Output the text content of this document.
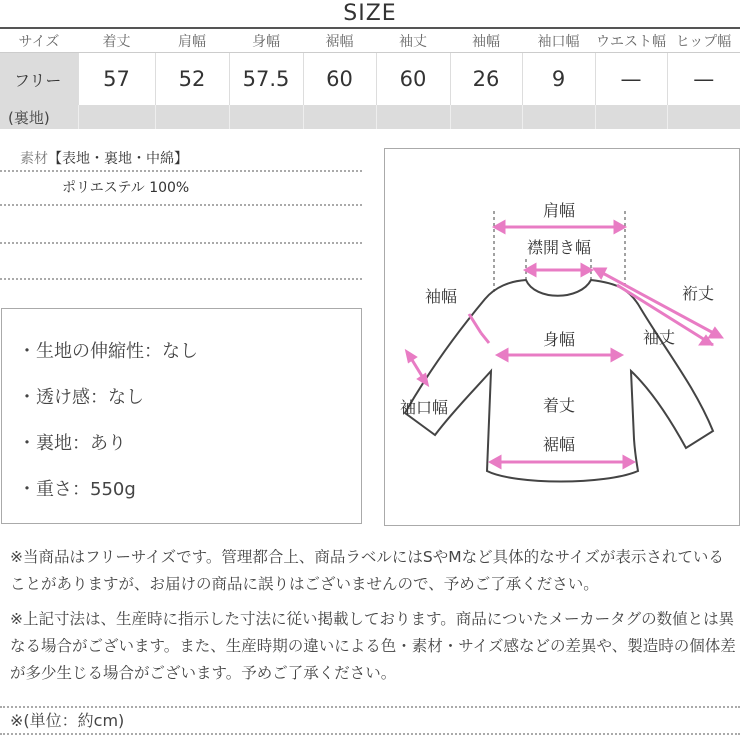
SIZE
サイズ	着丈	肩幅	身幅	裾幅	袖丈	袖幅	袖口幅	ウエスト幅	ヒップ幅
フリー	57	52	57.5	60	60	26	9	—	—
(裏地)									
素材【表地・裏地・中綿】
ポリエステル 100%
・生地の伸縮性：なし
・透け感：なし
・裏地：あり
・重さ：550g
肩幅
襟開き幅
裄丈
袖幅
袖丈
身幅
袖口幅	着丈
裾幅
※当商品はフリーサイズです。管理都合上、商品ラベルにはSやMなど具体的なサイズが表示されていることがありますが、お届けの商品に誤りはございませんので、予めご了承ください。
※上記寸法は、生産時に指示した寸法に従い掲載しております。商品についたメーカータグの数値とは異なる場合がございます。また、生産時期の違いによる色・素材・サイズ感などの差異や、製造時の個体差が多少生じる場合がございます。予めご了承ください。
※(単位：約cm)
